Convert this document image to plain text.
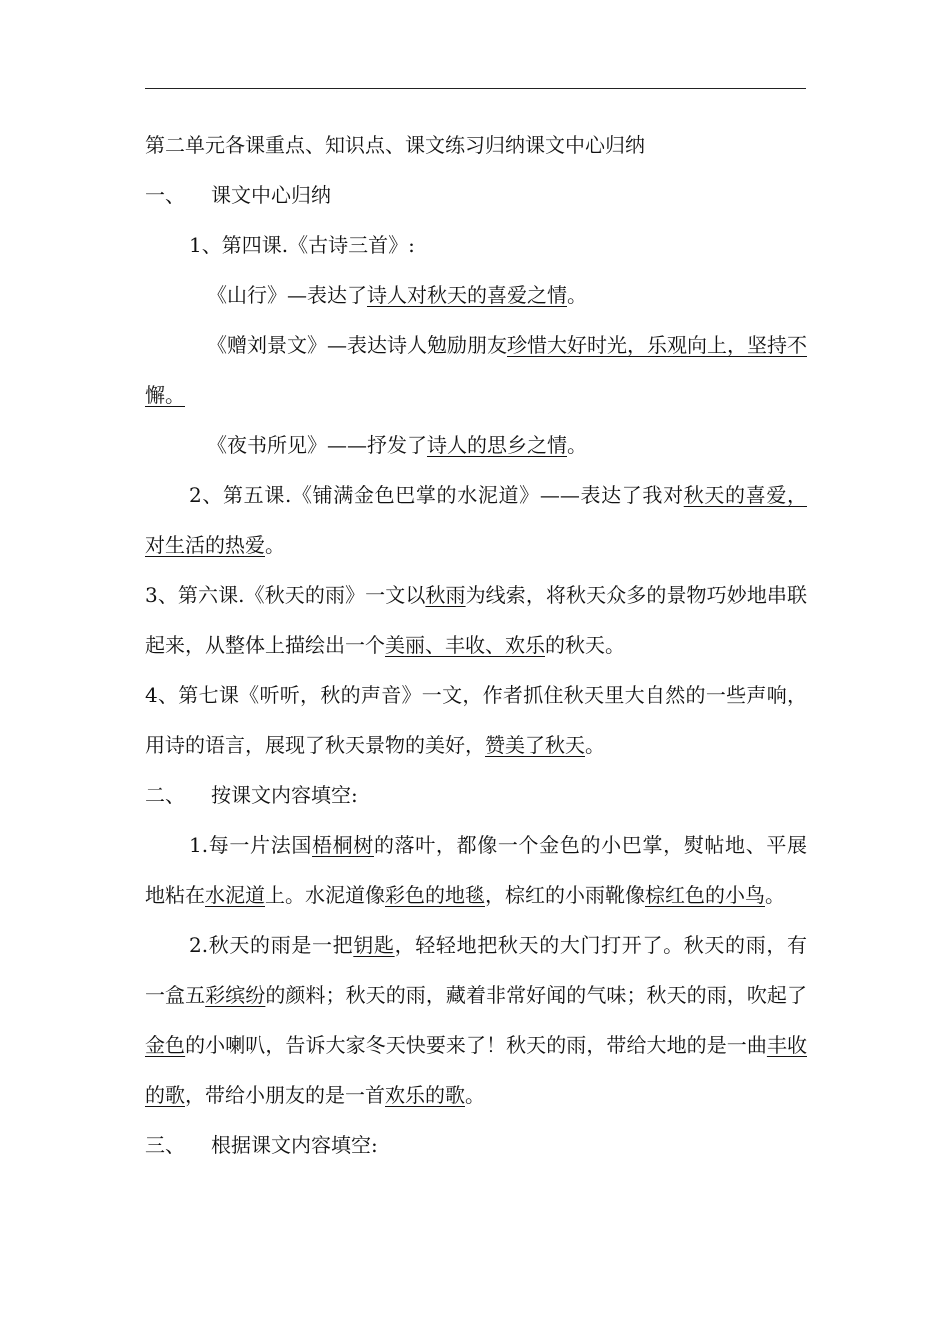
第二单元各课重点、知识点、课文练习归纳课文中心归纳

一、 课文中心归纳

1、第四课.《古诗三首》:

《山行》—表达了诗人对秋天的喜爱之情。

《赠刘景文》—表达诗人勉励朋友珍惜大好时光，乐观向上，坚持不懈。

《夜书所见》——抒发了诗人的思乡之情。

2、第五课.《铺满金色巴掌的水泥道》——表达了我对秋天的喜爱，对生活的热爱。

3、第六课.《秋天的雨》一文以秋雨为线索，将秋天众多的景物巧妙地串联起来，从整体上描绘出一个美丽、丰收、欢乐的秋天。

4、第七课《听听，秋的声音》一文，作者抓住秋天里大自然的一些声响，用诗的语言，展现了秋天景物的美好，赞美了秋天。

二、 按课文内容填空:

1.每一片法国梧桐树的落叶，都像一个金色的小巴掌，熨帖地、平展地粘在水泥道上。水泥道像彩色的地毯，棕红的小雨靴像棕红色的小鸟。

2.秋天的雨是一把钥匙，轻轻地把秋天的大门打开了。秋天的雨，有一盒五彩缤纷的颜料；秋天的雨，藏着非常好闻的气味；秋天的雨，吹起了金色的小喇叭，告诉大家冬天快要来了！秋天的雨，带给大地的是一曲丰收的歌，带给小朋友的是一首欢乐的歌。

三、 根据课文内容填空:
